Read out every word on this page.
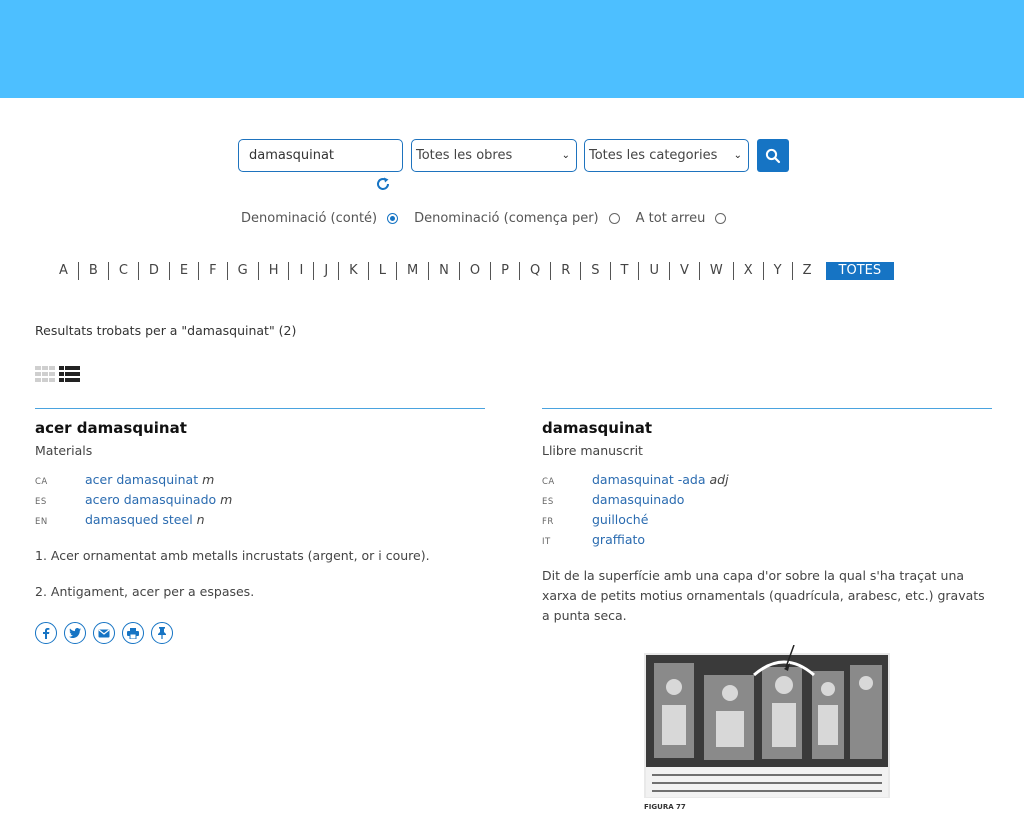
damasquinat
Totes les obres	⌄ Totes les categories ⌄
Denominació (conté)	Denominació (comença per)	A tot arreu
A	B	C	D	E	F	G	H	I	J	K	L	M	N	O	P	Q	R	S	T	U	V	W	X	Y	Z	TOTES
Resultats trobats per a "damasquinat" (2)
acer damasquinat
Materials
CA	acer damasquinat m
ES	acero damasquinado m
EN	damasqued steel n

1. Acer ornamentat amb metalls incrustats (argent, or i coure).

2. Antigament, acer per a espases.

damasquinat
Llibre manuscrit
CA	damasquinat -ada adj
ES	damasquinado
FR	guilloché
IT	graffiato

Dit de la superfície amb una capa d'or sobre la qual s'ha traçat una xarxa de petits motius ornamentals (quadrícula, arabesc, etc.) gravats a punta seca.

FIGURA 77
